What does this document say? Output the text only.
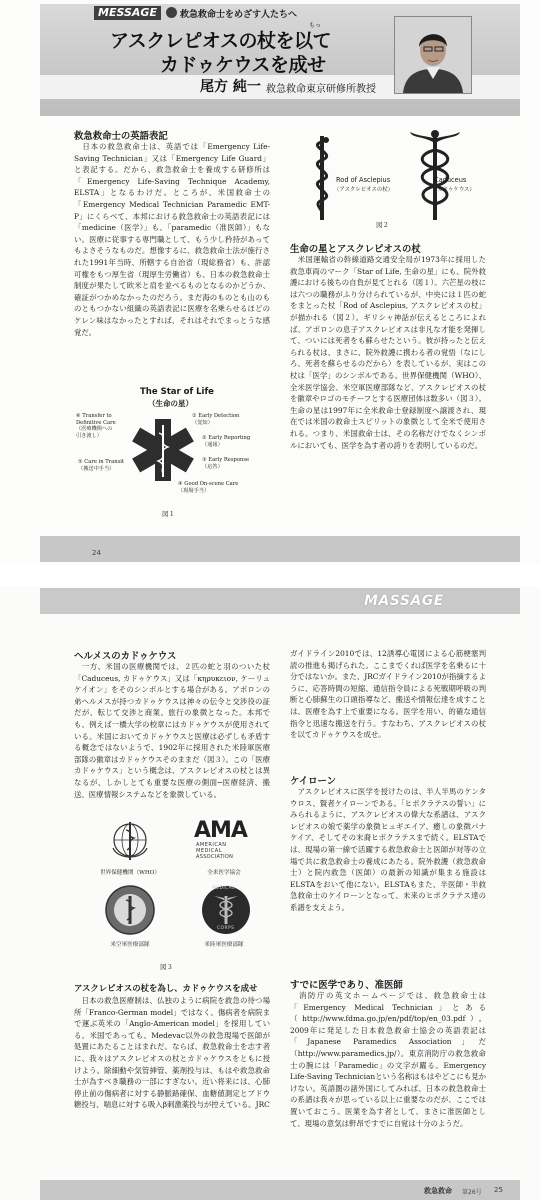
MESSAGE	救急救命士をめざす人たちへ
もっ
アスクレピオスの杖を以て
カドゥケウスを成せ
尾方 純一 救急救命東京研修所教授
救急救命士の英語表記

　日本の救急救命士は、英語では「Emergency Life-Saving Technician」又は「Emergency Life Guard」と表記する。だから、救急救命士を養成する研修所は「Emergency Life-Saving Technique Academy, ELSTA」となるわけだ。ところが、米国救命士の「Emergency Medical Technician Paramedic EMT-P」にくらべて、本邦における救急救命士の英語表記には「medicine（医学）」も、「paramedic（准医師）」もない。医療に従事する専門職として、もう少し矜持があってもよさそうなものだ。想像するに、救急救命士法が施行された1991年当時、所轄する自治省（現総務省）も、許認可権をもつ厚生省（現厚生労働省）も、日本の救急救命士制度が果たして欧米と肩を並べるものとなるのかどうか、確証がつかめなかったのだろう。まだ海のものとも山のものともつかない組織の英語表記に医療を名乗らせるほどのケレン味はなかったとすれば、それはそれでまっとうな感覚だ。

The Star of Life
（生命の星）
① Early Detection
（覚知）
② Early Reporting
（通報）
③ Early Response
（応答）
④ Good On-scene Care
（現場手当）
⑤ Care in Transit
（搬送中手当）
⑥ Transfer to
Definitive Care
（医療機関への
引き渡し）
図１
Rod of Asclepius
（アスクレピオスの杖）
Caduceus
（カドゥケウス）
図２
生命の星とアスクレピオスの杖

　米国運輸省の幹線道路交通安全局が1973年に採用した救急車両のマーク「Star of Life, 生命の星」にも、院外救護における後ちの自負が見てとれる（図１）。六芒星の枝には六つの職務がふり分けられているが、中央には１匹の蛇をまとった杖「Rod of Asclepius, アスクレピオスの杖」が描かれる（図２）。ギリシャ神話が伝えるところによれば、アポロンの息子アスクレピオスは非凡な才能を発揮して、ついには死者をも蘇らせたという。彼が持ったと伝えられる杖は、まさに、院外救護に携わる者の覚悟（なにしろ、死者を蘇らせるのだから）を表しているが、実はこの杖は「医学」のシンボルである。世界保健機関（WHO）、全米医学協会、米空軍医療部隊など、アスクレピオスの杖を徽章やロゴのモチーフとする医療団体は数多い（図３）。生命の星は1997年に全米救命士登録制度へ譲渡され、現在では米国の救命士スピリットの象徴として全米で使用される。つまり、米国救命士は、その名称だけでなくシンボルにおいても、医学を為す者の誇りを表明しているのだ。

24
MASSAGE
ヘルメスのカドゥケウス

　一方、米国の医療機関では、２匹の蛇と羽のついた杖「Caduceus, カドゥケウス」又は「κηρυκειον, ケーリュケイオン」をそのシンボルとする場合がある。アポロンの弟ヘルメスが持つカドゥケウスは神々の伝令と交渉役の証だが、転じて交渉と商業、旅行の象徴となった。本邦でも、例えば一橋大学の校章にはカドゥケウスが使用されている。米国においてカドゥケウスと医療は必ずしも矛盾する概念ではないようで、1902年に採用された米陸軍医療部隊の徽章はカドゥケウスそのままだ（図３）。この「医療カドゥケウス」という概念は、アスクレピオスの杖とは異なるが、しかしとても重要な医療の側面─医療経済、搬送、医療情報システムなどを象徴している。

世界保健機関（WHO）
AMA
AMERICAN
MEDICAL
ASSOCIATION
全米医学協会
米空軍医療部隊
MEDICAL
CORPS
米陸軍医療部隊
図３
アスクレピオスの杖を為し、カドゥケウスを成せ

　日本の救急医療制は、仏独のように病院を救急の待つ場所「Franco-German model」ではなく、傷病者を病院まで運ぶ英米の「Anglo-American model」を採用している。米国であっても、Medevac以外の救急現場で医師が処置にあたることはまれだ。ならば、救急救命士を志す者に、我々はアスクレピオスの杖とカドゥケウスをともに授けよう。除細動や気管挿管、薬剤投与は、もはや救急救命士が為すべき職務の一部にすぎない。近い将来には、心肺停止前の傷病者に対する静脈路確保、血糖値測定とブドウ糖投与、喘息に対する吸入β刺激薬投与が控えている。JRC

ガイドライン2010では、12誘導心電図による心筋梗塞判読の推進も掲げられた。ここまでくれば医学を名乗るに十分ではないか。また、JRCガイドライン2010が指摘するように、応答時間の短縮、通信指令員による死戦期呼吸の判断と心肺蘇生の口頭指導など、搬送や情報伝達を成すことは、医療を為す上で重要になる。医学を用い、的確な通信指令と迅速な搬送を行う。すなわち、アスクレピオスの杖を以てカドゥケウスを成せ。

ケイローン

　アスクレピオスに医学を授けたのは、半人半馬のケンタウロス、賢者ケイローンである。「ヒポクラテスの誓い」にみられるように、アスクレピオスの偉大な系譜は、アスクレピオスの娘で薬学の象徴ヒュギエイア、癒しの象徴パナケイア、そしてその末裔ヒポクラテスまで続く。ELSTAでは、現場の第一線で活躍する救急救命士と医師が対等の立場で共に救急救命士の養成にあたる。院外救護（救急救命士）と院内救急（医師）の最新の知識が集まる施設はELSTAをおいて他にない。ELSTAもまた、半医師・半救急救命士のケイローンとなって、未来のヒポクラテス達の系譜を支えよう。

すでに医学であり、准医師

　消防庁の英文ホームページでは、救急救命士は「Emergency Medical Technician」とある（http://www.fdma.go.jp/en/pdf/top/en_03.pdf）。2009年に発足した日本救急救命士協会の英語表記は「Japanese Paramedics Association」だ（http://www.paramedics.jp/）。東京消防庁の救急救命士の腕には「Paramedic」の文字が躍る。Emergency Life-Saving Technicianという名称はもはやどこにも見かけない。英語圏の諸外国にしてみれば、日本の救急救命士の系譜は我々が思っている以上に重要なのだが、ここでは置いておこう。医業を為す者として、まさに准医師として、現場の意気は軒昂ですでに自覚は十分のようだ。

救急救命 第26号 25
